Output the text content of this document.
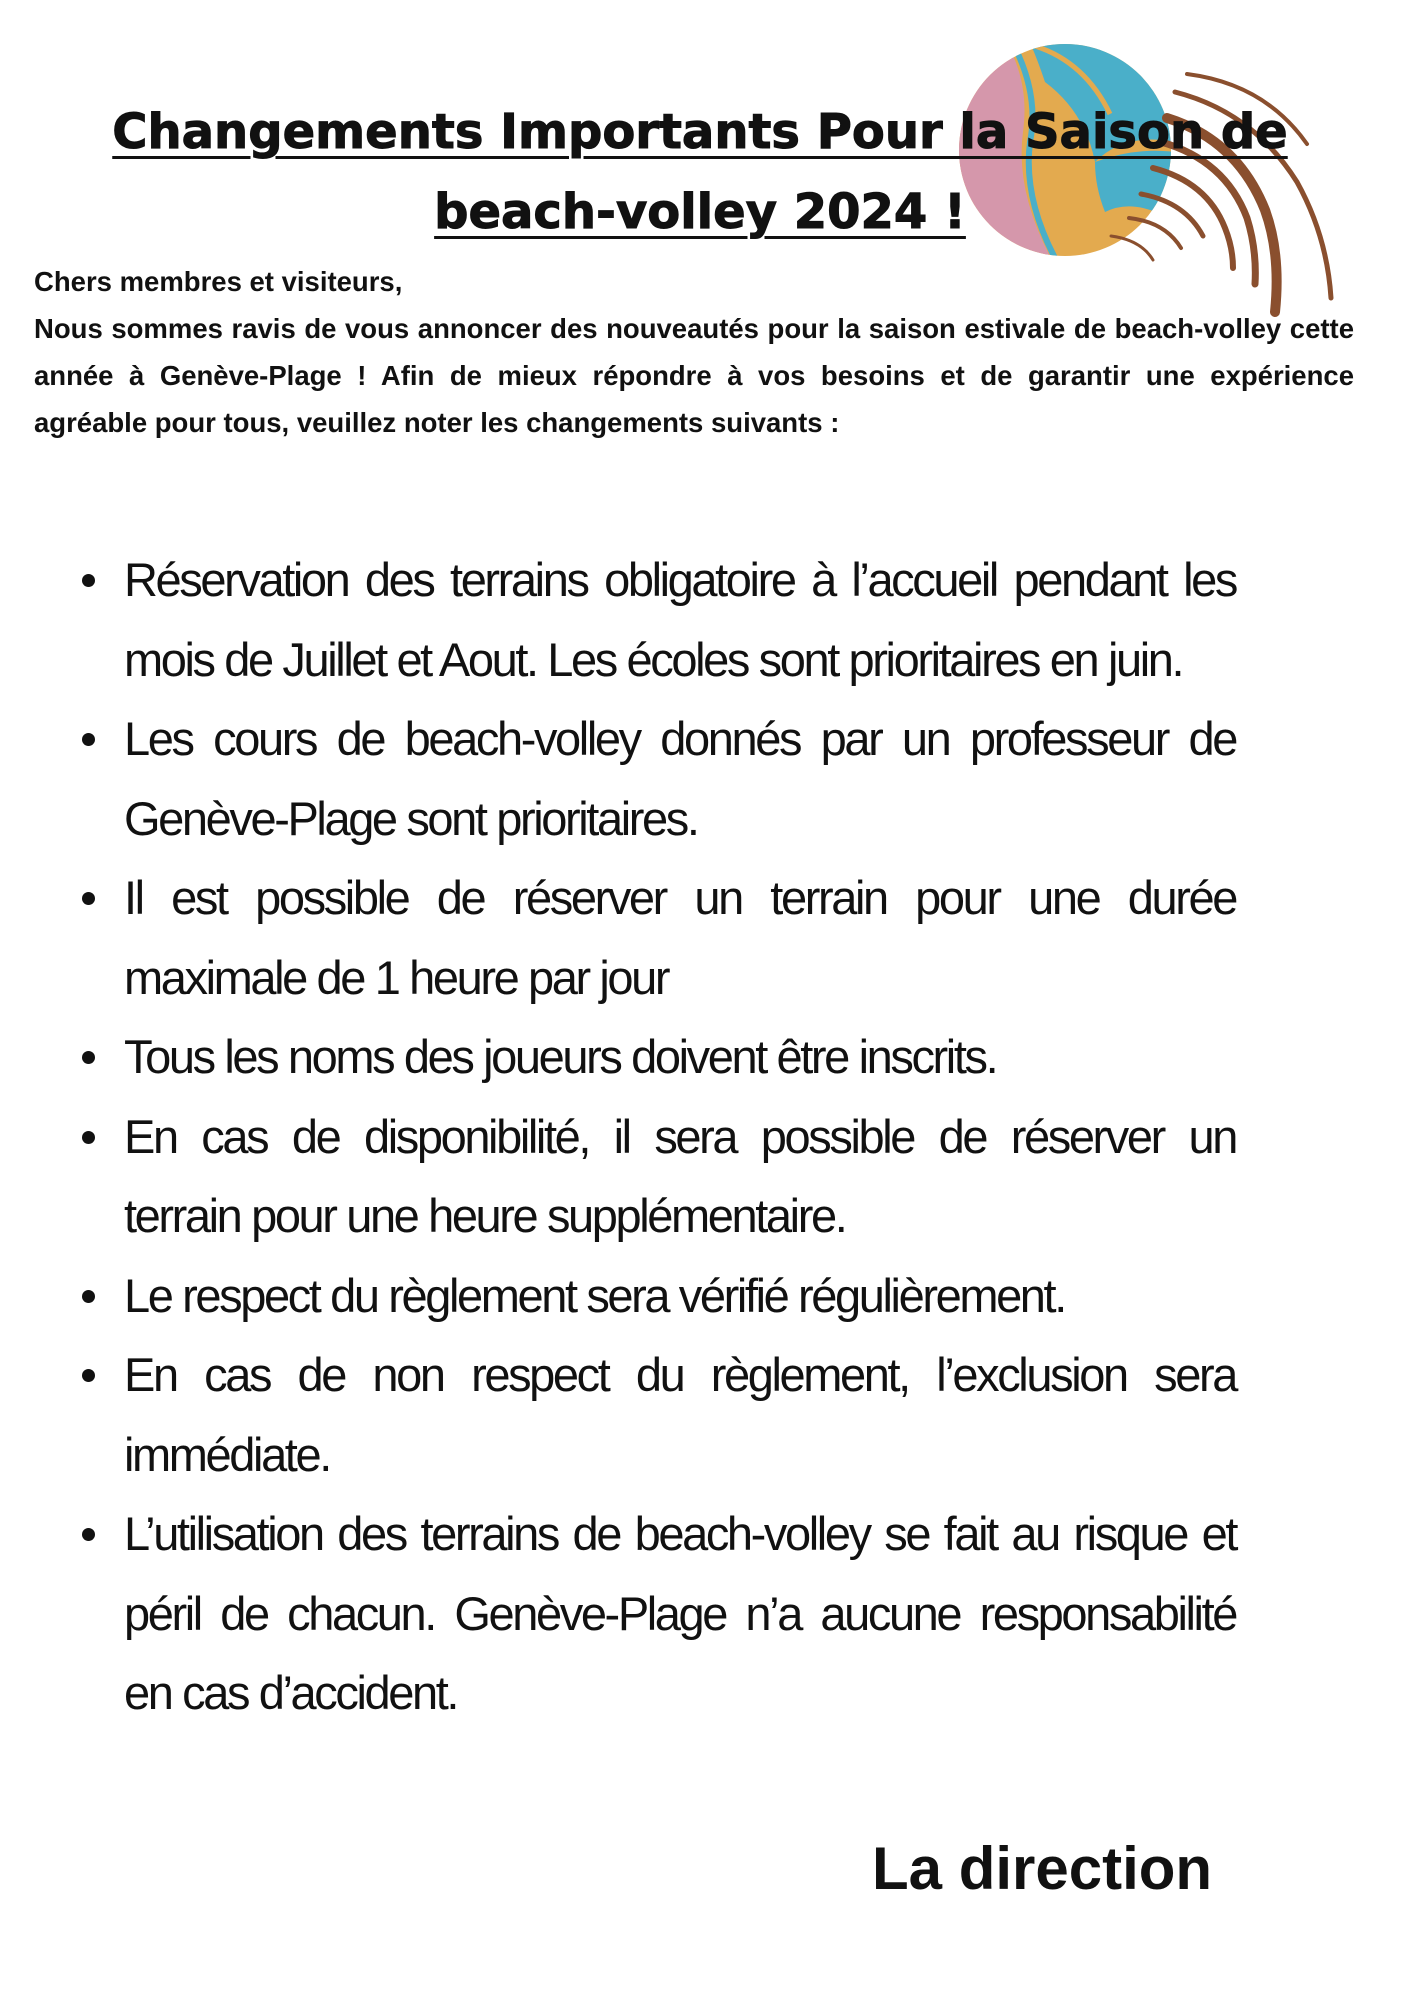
Changements Importants Pour la Saison de
beach-volley 2024 !

Chers membres et visiteurs,

Nous sommes ravis de vous annoncer des nouveautés pour la saison estivale de beach-volley cette année à Genève-Plage ! Afin de mieux répondre à vos besoins et de garantir une expérience agréable pour tous, veuillez noter les changements suivants :

Réservation des terrains obligatoire à l’accueil pendant les mois de Juillet et Aout. Les écoles sont prioritaires en juin.
Les cours de beach-volley donnés par un professeur de Genève-Plage sont prioritaires.
Il est possible de réserver un terrain pour une durée maximale de 1 heure par jour
Tous les noms des joueurs doivent être inscrits.
En cas de disponibilité, il sera possible de réserver un terrain pour une heure supplémentaire.
Le respect du règlement sera vérifié régulièrement.
En cas de non respect du règlement, l’exclusion sera immédiate.
L’utilisation des terrains de beach-volley se fait au risque et péril de chacun. Genève-Plage n’a aucune responsabilité en cas d’accident.

La direction
